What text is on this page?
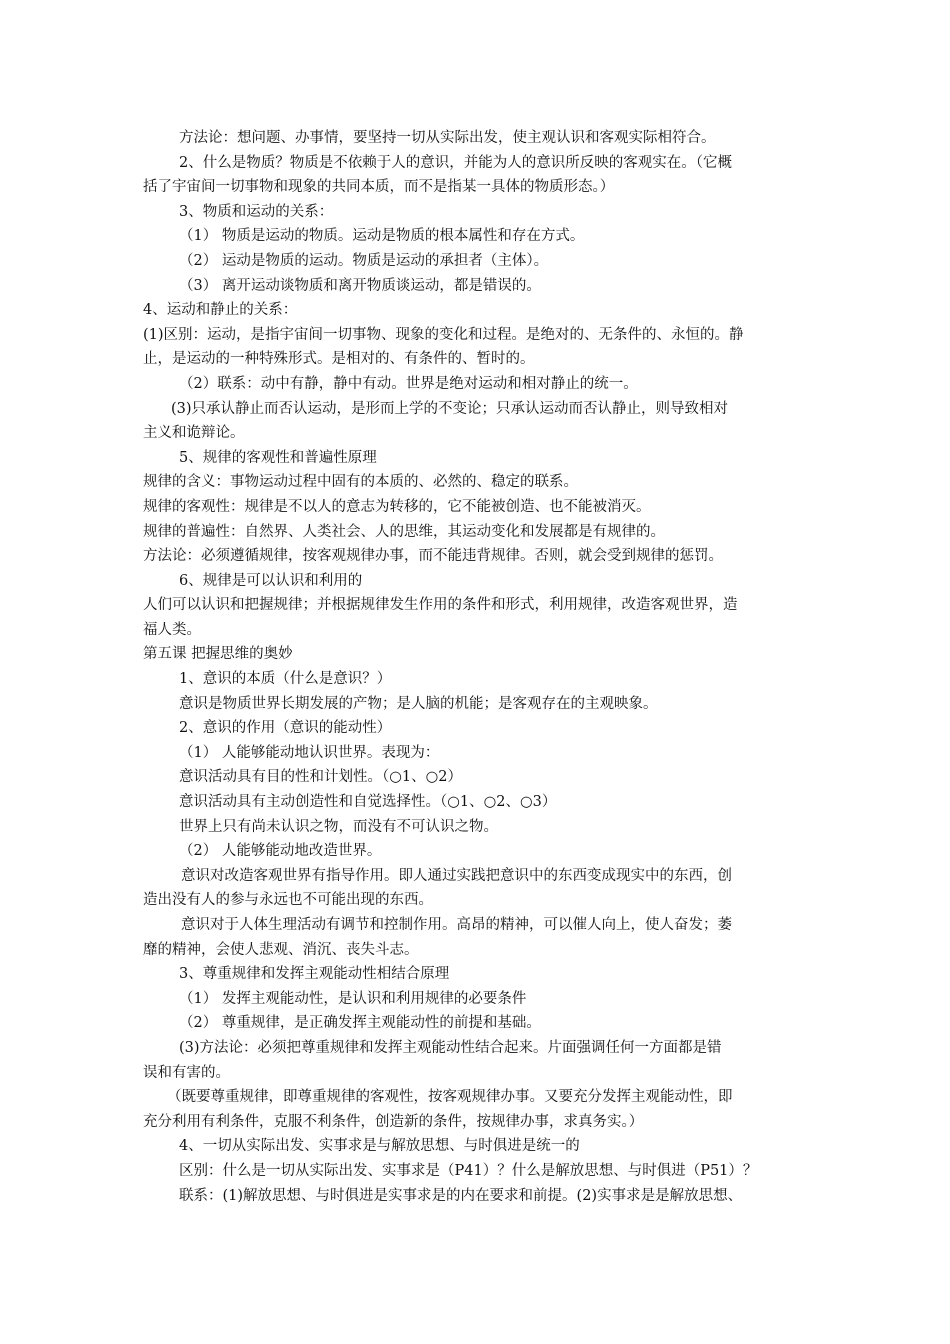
方法论：想问题、办事情，要坚持一切从实际出发，使主观认识和客观实际相符合。
2、什么是物质？物质是不依赖于人的意识，并能为人的意识所反映的客观实在。（它概
括了宇宙间一切事物和现象的共同本质，而不是指某一具体的物质形态。）
3、物质和运动的关系：
（1） 物质是运动的物质。运动是物质的根本属性和存在方式。
（2） 运动是物质的运动。物质是运动的承担者（主体）。
（3） 离开运动谈物质和离开物质谈运动，都是错误的。
4、运动和静止的关系：
(1)区别：运动，是指宇宙间一切事物、现象的变化和过程。是绝对的、无条件的、永恒的。静
止，是运动的一种特殊形式。是相对的、有条件的、暂时的。
（2）联系：动中有静，静中有动。世界是绝对运动和相对静止的统一。
(3)只承认静止而否认运动，是形而上学的不变论；只承认运动而否认静止，则导致相对
主义和诡辩论。
5、规律的客观性和普遍性原理
规律的含义：事物运动过程中固有的本质的、必然的、稳定的联系。
规律的客观性：规律是不以人的意志为转移的，它不能被创造、也不能被消灭。
规律的普遍性：自然界、人类社会、人的思维，其运动变化和发展都是有规律的。
方法论：必须遵循规律，按客观规律办事，而不能违背规律。否则，就会受到规律的惩罚。
6、规律是可以认识和利用的
人们可以认识和把握规律；并根据规律发生作用的条件和形式，利用规律，改造客观世界，造
福人类。
第五课 把握思维的奥妙
1、意识的本质（什么是意识？）
意识是物质世界长期发展的产物；是人脑的机能；是客观存在的主观映象。
2、意识的作用（意识的能动性）
（1） 人能够能动地认识世界。表现为：
意识活动具有目的性和计划性。（○1、○2）
意识活动具有主动创造性和自觉选择性。（○1、○2、○3）
世界上只有尚未认识之物，而没有不可认识之物。
（2） 人能够能动地改造世界。
意识对改造客观世界有指导作用。即人通过实践把意识中的东西变成现实中的东西，创
造出没有人的参与永远也不可能出现的东西。
意识对于人体生理活动有调节和控制作用。高昂的精神，可以催人向上，使人奋发；萎
靡的精神，会使人悲观、消沉、丧失斗志。
3、尊重规律和发挥主观能动性相结合原理
（1） 发挥主观能动性，是认识和利用规律的必要条件
（2） 尊重规律，是正确发挥主观能动性的前提和基础。
(3)方法论：必须把尊重规律和发挥主观能动性结合起来。片面强调任何一方面都是错
误和有害的。
（既要尊重规律，即尊重规律的客观性，按客观规律办事。又要充分发挥主观能动性，即
充分利用有利条件，克服不利条件，创造新的条件，按规律办事，求真务实。）
4、一切从实际出发、实事求是与解放思想、与时俱进是统一的
区别：什么是一切从实际出发、实事求是（P41）？什么是解放思想、与时俱进（P51）？
联系：(1)解放思想、与时俱进是实事求是的内在要求和前提。(2)实事求是是解放思想、
